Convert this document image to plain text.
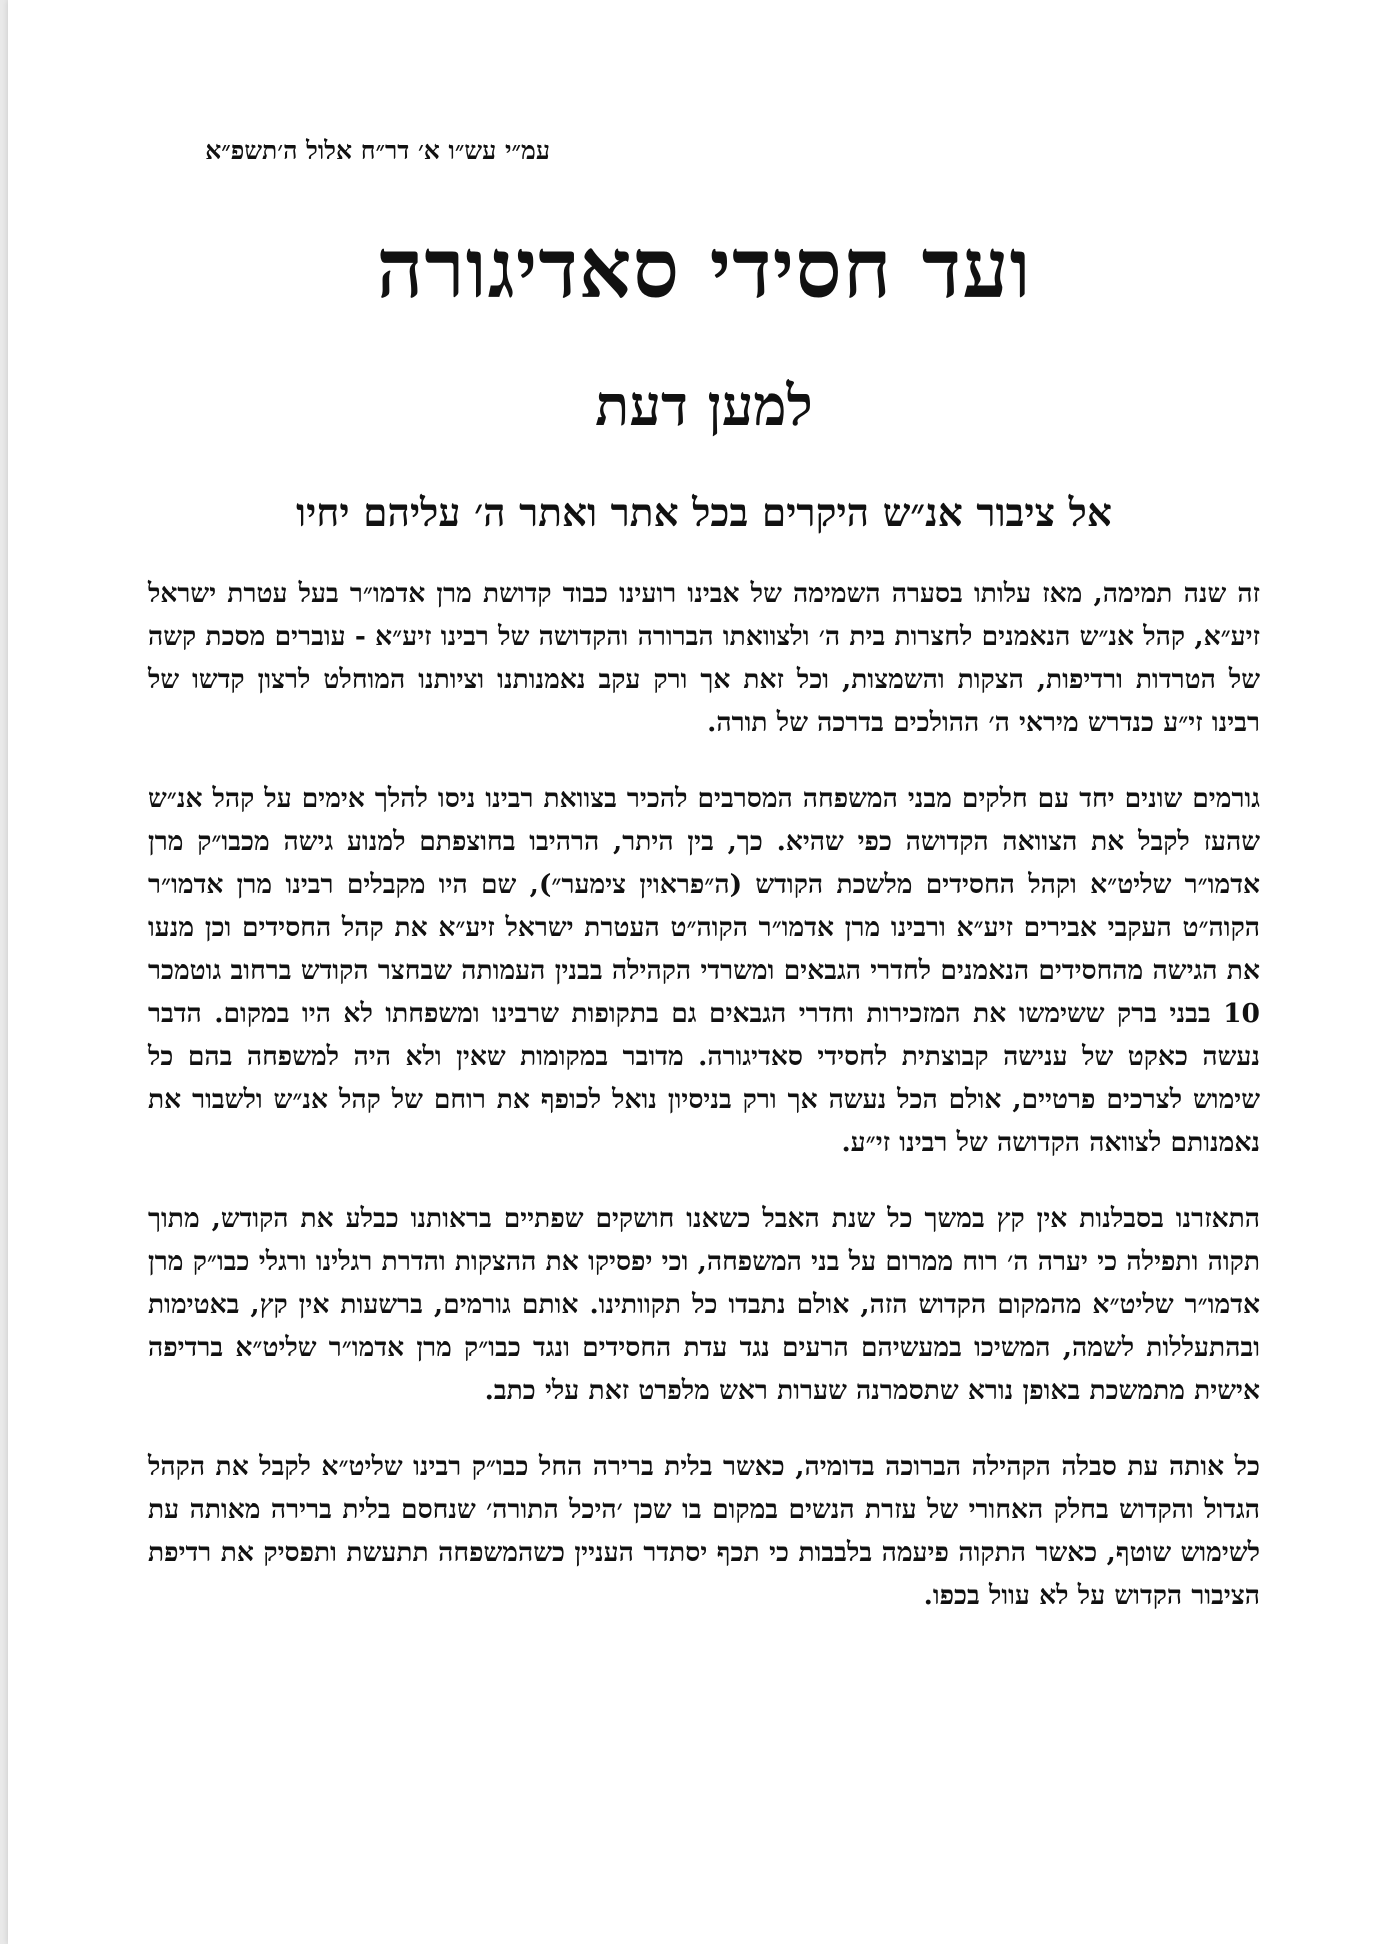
עמ״י עש״ו א׳ דר״ח אלול ה׳תשפ״א
ועד חסידי סאדיגורה
למען דעת
אל ציבור אנ״ש היקרים בכל אתר ואתר ה׳ עליהם יחיו

זה שנה תמימה, מאז עלותו בסערה השמימה של אבינו רועינו כבוד קדושת מרן אדמו״ר בעל עטרת ישראל זיע״א, קהל אנ״ש הנאמנים לחצרות בית ה׳ ולצוואתו הברורה והקדושה של רבינו זיע״א - עוברים מסכת קשה של הטרדות ורדיפות, הצקות והשמצות, וכל זאת אך ורק עקב נאמנותנו וציותנו המוחלט לרצון קדשו של רבינו זי״ע כנדרש מיראי ה׳ ההולכים בדרכה של תורה.

גורמים שונים יחד עם חלקים מבני המשפחה המסרבים להכיר בצוואת רבינו ניסו להלך אימים על קהל אנ״ש שהעז לקבל את הצוואה הקדושה כפי שהיא. כך, בין היתר, הרהיבו בחוצפתם למנוע גישה מכבו״ק מרן אדמו״ר שליט״א וקהל החסידים מלשכת הקודש (ה״פראוין צימער״), שם היו מקבלים רבינו מרן אדמו״ר הקוה״ט העקבי אבירים זיע״א ורבינו מרן אדמו״ר הקוה״ט העטרת ישראל זיע״א את קהל החסידים וכן מנעו את הגישה מהחסידים הנאמנים לחדרי הגבאים ומשרדי הקהילה בבנין העמותה שבחצר הקודש ברחוב גוטמכר 10 בבני ברק ששימשו את המזכירות וחדרי הגבאים גם בתקופות שרבינו ומשפחתו לא היו במקום. הדבר נעשה כאקט של ענישה קבוצתית לחסידי סאדיגורה. מדובר במקומות שאין ולא היה למשפחה בהם כל שימוש לצרכים פרטיים, אולם הכל נעשה אך ורק בניסיון נואל לכופף את רוחם של קהל אנ״ש ולשבור את נאמנותם לצוואה הקדושה של רבינו זי״ע.

התאזרנו בסבלנות אין קץ במשך כל שנת האבל כשאנו חושקים שפתיים בראותנו כבלע את הקודש, מתוך תקוה ותפילה כי יערה ה׳ רוח ממרום על בני המשפחה, וכי יפסיקו את ההצקות והדרת רגלינו ורגלי כבו״ק מרן אדמו״ר שליט״א מהמקום הקדוש הזה, אולם נתבדו כל תקוותינו. אותם גורמים, ברשעות אין קץ, באטימות ובהתעללות לשמה, המשיכו במעשיהם הרעים נגד עדת החסידים ונגד כבו״ק מרן אדמו״ר שליט״א ברדיפה אישית מתמשכת באופן נורא שתסמרנה שערות ראש מלפרט זאת עלי כתב.

כל אותה עת סבלה הקהילה הברוכה בדומיה, כאשר בלית ברירה החל כבו״ק רבינו שליט״א לקבל את הקהל הגדול והקדוש בחלק האחורי של עזרת הנשים במקום בו שכן ׳היכל התורה׳ שנחסם בלית ברירה מאותה עת לשימוש שוטף, כאשר התקוה פיעמה בלבבות כי תכף יסתדר העניין כשהמשפחה תתעשת ותפסיק את רדיפת הציבור הקדוש על לא עוול בכפו.
